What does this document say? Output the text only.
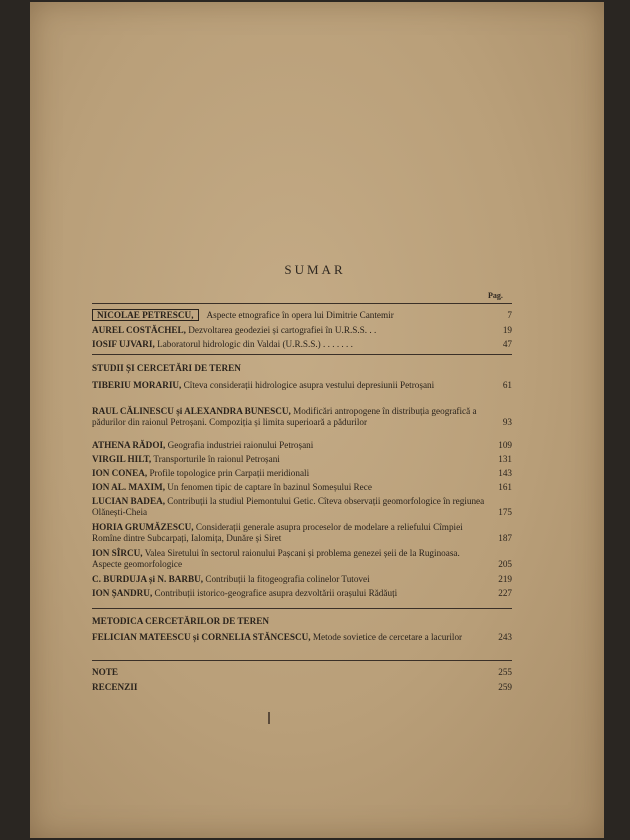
SUMAR
Pag.
NICOLAE PETRESCU, Aspecte etnografice în opera lui Dimitrie Cantemir	7
AUREL COSTĂCHEL, Dezvoltarea geodeziei și cartografiei în U.R.S.S. . .	19
IOSIF UJVARI, Laboratorul hidrologic din Valdai (U.R.S.S.) . . . . . . .	47
STUDII ȘI CERCETĂRI DE TEREN
TIBERIU MORARIU, Cîteva considerații hidrologice asupra vestului depresiunii Petroșani	61
RAUL CĂLINESCU și ALEXANDRA BUNESCU, Modificări antropogene în distribuția geografică a pădurilor din raionul Petroșani. Compoziția și limita superioară a pădurilor	93
ATHENA RĂDOI, Geografia industriei raionului Petroșani	109
VIRGIL HILT, Transporturile în raionul Petroșani	131
ION CONEA, Profile topologice prin Carpații meridionali	143
ION AL. MAXIM, Un fenomen tipic de captare în bazinul Someșului Rece	161
LUCIAN BADEA, Contribuții la studiul Piemontului Getic. Cîteva observații geomorfologice în regiunea Olănești-Cheia	175
HORIA GRUMĂZESCU, Considerații generale asupra proceselor de modelare a reliefului Cîmpiei Romîne dintre Subcarpați, Ialomița, Dunăre și Siret	187
ION SÎRCU, Valea Siretului în sectorul raionului Pașcani și problema genezei șeii de la Ruginoasa. Aspecte geomorfologice	205
C. BURDUJA și N. BARBU, Contribuții la fitogeografia colinelor Tutovei	219
ION ȘANDRU, Contribuții istorico-geografice asupra dezvoltării orașului Rădăuți	227
METODICA CERCETĂRILOR DE TEREN
FELICIAN MATEESCU și CORNELIA STĂNCESCU, Metode sovietice de cercetare a lacurilor	243
NOTE	255
RECENZII	259
